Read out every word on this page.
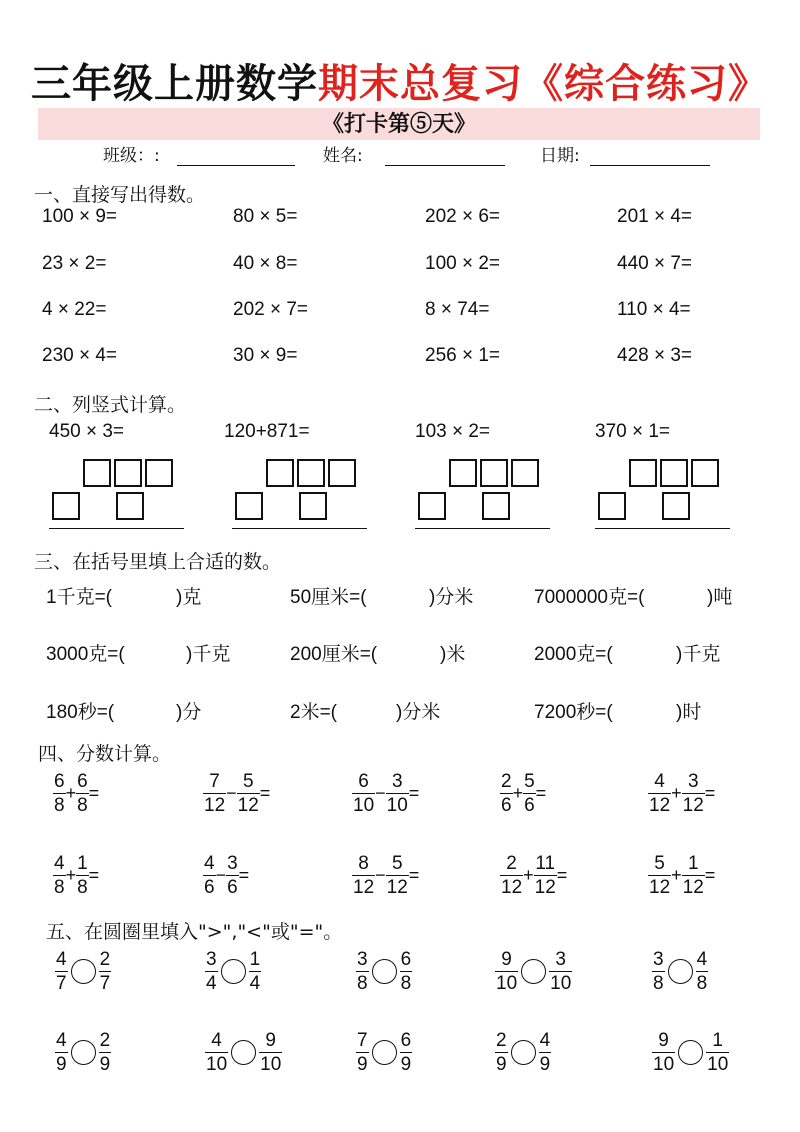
三年级上册数学期末总复习《综合练习》
《打卡第⑤天》
班级：:	姓名:	日期:
一、直接写出得数。
100 × 9=	80 × 5=	202 × 6=	201 × 4=
23 × 2=	40 × 8=	100 × 2=	440 × 7=
4 × 22=	202 × 7=	8 × 74=	110 × 4=
230 × 4=	30 × 9=	256 × 1=	428 × 3=
二、列竖式计算。
450 × 3=	120+871=	103 × 2=	370 × 1=
三、在括号里填上合适的数。
1千克=(	)克	50厘米=(	)分米	7000000克=(	)吨
3000克=(	)千克	200厘米=(	)米	2000克=(	)千克
180秒=(	)分	2米=(	)分米	7200秒=(	)时
四、分数计算。
$\frac{6}{8} + \frac{6}{8}$ =	$\frac{7}{12} - \frac{5}{12}$ =	$\frac{6}{10} - \frac{3}{10}$ =	$\frac{2}{6} + \frac{5}{6}$ =	$\frac{4}{12} + \frac{3}{12}$ =
$\frac{4}{8} + \frac{1}{8}$ =	$\frac{4}{6} - \frac{3}{6}$ =	$\frac{8}{12} - \frac{5}{12}$ =	$\frac{2}{12} + \frac{11}{12}$ =	$\frac{5}{12} + \frac{1}{12}$ =
五、在圆圈里填入">","<"或"="。
$\frac{4}{7} \frac{2}{7}$	$\frac{3}{4} \frac{1}{4}$	$\frac{3}{8} \frac{6}{8}$	$\frac{9}{10} \frac{3}{10}$	$\frac{3}{8} \frac{4}{8}$
$\frac{4}{9} \frac{2}{9}$	$\frac{4}{10} \frac{9}{10}$	$\frac{7}{9} \frac{6}{9}$	$\frac{2}{9} \frac{4}{9}$	$\frac{9}{10} \frac{1}{10}$
